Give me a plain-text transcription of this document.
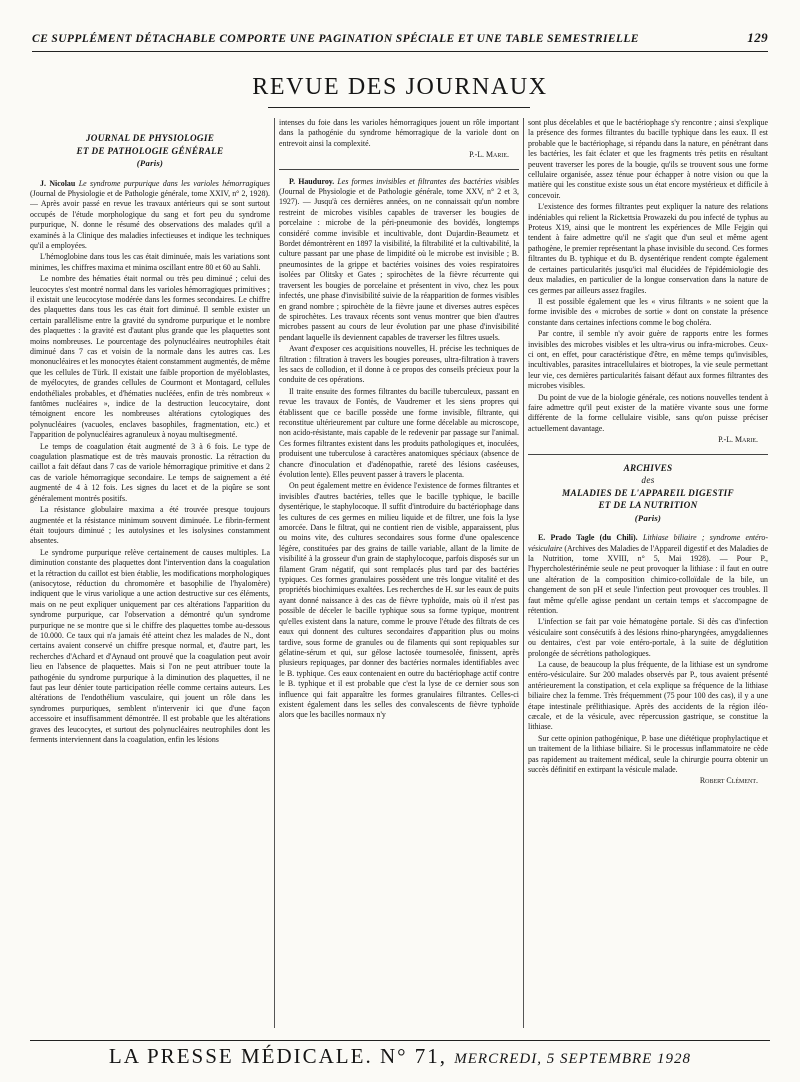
CE SUPPLÉMENT DÉTACHABLE COMPORTE UNE PAGINATION SPÉCIALE ET UNE TABLE SEMESTRIELLE	129
REVUE DES JOURNAUX
JOURNAL DE PHYSIOLOGIE
ET DE PATHOLOGIE GÉNÉRALE
(Paris)

J. Nicolau Le syndrome purpurique dans les varioles hémorragiques (Journal de Physiologie et de Pathologie générale, tome XXIV, n° 2, 1928). — Après avoir passé en revue les travaux antérieurs qui se sont surtout occupés de l'étude morphologique du sang et fort peu du syndrome purpurique, N. donne le résumé des observations des malades qu'il a examinés à la Clinique des maladies infectieuses et indique les techniques qu'il a employées.

L'hémoglobine dans tous les cas était diminuée, mais les variations sont minimes, les chiffres maxima et minima oscillant entre 80 et 60 au Sahli.

Le nombre des hématies était normal ou très peu diminué ; celui des leucocytes s'est montré normal dans les varioles hémorragiques primitives ; il existait une leucocytose modérée dans les formes secondaires. Le chiffre des plaquettes dans tous les cas était fort diminué. Il semble exister un certain parallélisme entre la gravité du syndrome purpurique et le nombre des plaquettes : la gravité est d'autant plus grande que les plaquettes sont moins nombreuses. Le pourcentage des polynucléaires neutrophiles était diminué dans 7 cas et voisin de la normale dans les autres cas. Les mononucléaires et les monocytes étaient constamment augmentés, de même que les cellules de Türk. Il existait une faible proportion de myéloblastes, de myélocytes, de grandes cellules de Courmont et Montagard, cellules endothéliales probables, et d'hématies nucléées, enfin de très nombreux « fantômes nucléaires », indice de la destruction leucocytaire, dont témoignent encore les nombreuses altérations cytologiques des polynucléaires (vacuoles, enclaves basophiles, fragmentation, etc.) et l'apparition de polynucléaires agranuleux à noyau multisegmenté.

Le temps de coagulation était augmenté de 3 à 6 fois. Le type de coagulation plasmatique est de très mauvais pronostic. La rétraction du caillot a fait défaut dans 7 cas de variole hémorragique primitive et dans 2 cas de variole hémorragique secondaire. Le temps de saignement a été augmenté de 4 à 12 fois. Les signes du lacet et de la piqûre se sont généralement montrés positifs.

La résistance globulaire maxima a été trouvée presque toujours augmentée et la résistance minimum souvent diminuée. Le fibrin-ferment était toujours diminué ; les autolysines et les isolysines constamment absentes.

Le syndrome purpurique relève certainement de causes multiples. La diminution constante des plaquettes dont l'intervention dans la coagulation et la rétraction du caillot est bien établie, les modifications morphologiques (anisocytose, réduction du chromomère et basophilie de l'hyalomère) indiquent que le virus variolique a une action destructive sur ces éléments, mais on ne peut expliquer uniquement par ces altérations l'apparition du syndrome purpurique, car l'observation a démontré qu'un syndrome purpurique ne se montre que si le chiffre des plaquettes tombe au-dessous de 10.000. Ce taux qui n'a jamais été atteint chez les malades de N., dont certains avaient conservé un chiffre presque normal, et, d'autre part, les recherches d'Achard et d'Aynaud ont prouvé que la coagulation peut avoir lieu en l'absence de plaquettes. Mais si l'on ne peut attribuer toute la pathogénie du syndrome purpurique à la diminution des plaquettes, il ne faut pas leur dénier toute participation réelle comme certains auteurs. Les altérations de l'endothélium vasculaire, qui jouent un rôle dans les syndromes purpuriques, semblent n'intervenir ici que d'une façon accessoire et insuffisamment démontrée. Il est probable que les altérations graves des leucocytes, et surtout des polynucléaires neutrophiles dont les ferments interviennent dans la coagulation, enfin les lésions

intenses du foie dans les varioles hémorragiques jouent un rôle important dans la pathogénie du syndrome hémorragique de la variole dont on entrevoit ainsi la complexité.

P.-L. Marie.

P. Hauduroy. Les formes invisibles et filtrantes des bactéries visibles (Journal de Physiologie et de Pathologie générale, tome XXV, n° 2 et 3, 1927). — Jusqu'à ces dernières années, on ne connaissait qu'un nombre restreint de microbes visibles capables de traverser les bougies de porcelaine : microbe de la péri-pneumonie des bovidés, longtemps considéré comme invisible et incultivable, dont Dujardin-Beaumetz et Bordet démontrèrent en 1897 la visibilité, la filtrabilité et la cultivabilité, la culture passant par une phase de limpidité où le microbe est invisible ; B. pneumosintes de la grippe et bactéries voisines des voies respiratoires isolées par Olitsky et Gates ; spirochètes de la fièvre récurrente qui traversent les bougies de porcelaine et présentent in vivo, chez les poux infectés, une phase d'invisibilité suivie de la réapparition de formes visibles en grand nombre ; spirochète de la fièvre jaune et diverses autres espèces de spirochètes. Les travaux récents sont venus montrer que bien d'autres microbes passent au cours de leur évolution par une phase d'invisibilité pendant laquelle ils deviennent capables de traverser les filtres usuels.

Avant d'exposer ces acquisitions nouvelles, H. précise les techniques de filtration : filtration à travers les bougies poreuses, ultra-filtration à travers les sacs de collodion, et il donne à ce propos des conseils précieux pour la conduite de ces opérations.

Il traite ensuite des formes filtrantes du bacille tuberculeux, passant en revue les travaux de Fontès, de Vaudremer et les siens propres qui établissent que ce bacille possède une forme invisible, filtrante, qui reconstitue ultérieurement par culture une forme décelable au microscope, non acido-résistante, mais capable de le redevenir par passage sur l'animal. Ces formes filtrantes existent dans les produits pathologiques et, inoculées, produisent une tuberculose à caractères anatomiques spéciaux (absence de chancre d'inoculation et d'adénopathie, rareté des lésions caséeuses, évolution lente). Elles peuvent passer à travers le placenta.

On peut également mettre en évidence l'existence de formes filtrantes et invisibles d'autres bactéries, telles que le bacille typhique, le bacille dysentérique, le staphylocoque. Il suffit d'introduire du bactériophage dans les cultures de ces germes en milieu liquide et de filtrer, une fois la lyse amorcée. Dans le filtrat, qui ne contient rien de visible, apparaissent, plus ou moins vite, des cultures secondaires sous forme d'une opalescence légère, constituées par des grains de taille variable, allant de la limite de visibilité à la grosseur d'un grain de staphylocoque, parfois disposés sur un filament Gram négatif, qui sont remplacés plus tard par des bactéries typiques. Ces formes granulaires possèdent une très longue vitalité et des propriétés biochimiques exaltées. Les recherches de H. sur les eaux de puits ayant donné naissance à des cas de fièvre typhoïde, mais où il n'est pas possible de déceler le bacille typhique sous sa forme typique, montrent qu'elles existent dans la nature, comme le prouve l'étude des filtrats de ces eaux qui donnent des cultures secondaires d'apparition plus ou moins tardive, sous forme de granules ou de filaments qui sont repiquables sur gélatine-sérum et qui, sur gélose lactosée tournesolée, finissent, après plusieurs repiquages, par donner des bactéries normales identifiables avec le B. typhique. Ces eaux contenaient en outre du bactériophage actif contre le B. typhique et il est probable que c'est la lyse de ce dernier sous son influence qui fait apparaître les formes granulaires filtrantes. Celles-ci existent également dans les selles des convalescents de fièvre typhoïde alors que les bacilles normaux n'y

sont plus décelables et que le bactériophage s'y rencontre ; ainsi s'explique la présence des formes filtrantes du bacille typhique dans les eaux. Il est probable que le bactériophage, si répandu dans la nature, en pénétrant dans les bactéries, les fait éclater et que les fragments très petits en résultant peuvent traverser les pores de la bougie, qu'ils se trouvent sous une forme cellulaire organisée, assez ténue pour échapper à notre vision ou que la matière qui les constitue existe sous un état encore mystérieux et difficile à concevoir.

L'existence des formes filtrantes peut expliquer la nature des relations indéniables qui relient la Rickettsia Prowazeki du pou infecté de typhus au Proteus X19, ainsi que le montrent les expériences de Mlle Fejgin qui tendent à faire admettre qu'il ne s'agit que d'un seul et même agent pathogène, le premier représentant la phase invisible du second. Ces formes filtrantes du B. typhique et du B. dysentérique rendent compte également de certaines particularités jusqu'ici mal élucidées de l'épidémiologie des deux maladies, en particulier de la longue conservation dans la nature de ces germes par ailleurs assez fragiles.

Il est possible également que les « virus filtrants » ne soient que la forme invisible des « microbes de sortie » dont on constate la présence constante dans certaines infections comme le bog choléra.

Par contre, il semble n'y avoir guère de rapports entre les formes invisibles des microbes visibles et les ultra-virus ou infra-microbes. Ceux-ci ont, en effet, pour caractéristique d'être, en même temps qu'invisibles, incultivables, parasites intracellulaires et biotropes, la vie seule permettant leur vie, ces dernières particularités faisant défaut aux formes filtrantes des microbes visibles.

Du point de vue de la biologie générale, ces notions nouvelles tendent à faire admettre qu'il peut exister de la matière vivante sous une forme différente de la forme cellulaire visible, sans qu'on puisse préciser actuellement davantage.

P.-L. Marie.
ARCHIVES
des
MALADIES DE L'APPAREIL DIGESTIF
ET DE LA NUTRITION
(Paris)

E. Prado Tagle (du Chili). Lithiase biliaire ; syndrome entéro-vésiculaire (Archives des Maladies de l'Appareil digestif et des Maladies de la Nutrition, tome XVIII, n° 5, Mai 1928). — Pour P., l'hypercholestérinémie seule ne peut provoquer la lithiase : il faut en outre une altération de la composition chimico-colloïdale de la bile, un changement de son pH et seule l'infection peut provoquer ces troubles. Il faut même qu'elle agisse pendant un certain temps et s'accompagne de rétention.

L'infection se fait par voie hématogène portale. Si dès cas d'infection vésiculaire sont consécutifs à des lésions rhino-pharyngées, amygdaliennes ou dentaires, c'est par voie entéro-portale, à la suite de déglutition prolongée de sécrétions pathologiques.

La cause, de beaucoup la plus fréquente, de la lithiase est un syndrome entéro-vésiculaire. Sur 200 malades observés par P., tous avaient présenté antérieurement la constipation, et cela explique sa fréquence de la lithiase biliaire chez la femme. Très fréquemment (75 pour 100 des cas), il y a une étape intestinale prélithiasique. Après des accidents de la région iléo-cæcale, et de la vésicule, avec répercussion gastrique, se constitue la lithiase.

Sur cette opinion pathogénique, P. base une diététique prophylactique et un traitement de la lithiase biliaire. Si le processus inflammatoire ne cède pas rapidement au traitement médical, seule la chirurgie pourra obtenir un succès définitif en extirpant la vésicule malade.

Robert Clément.
LA PRESSE MÉDICALE. N° 71, MERCREDI, 5 SEPTEMBRE 1928
